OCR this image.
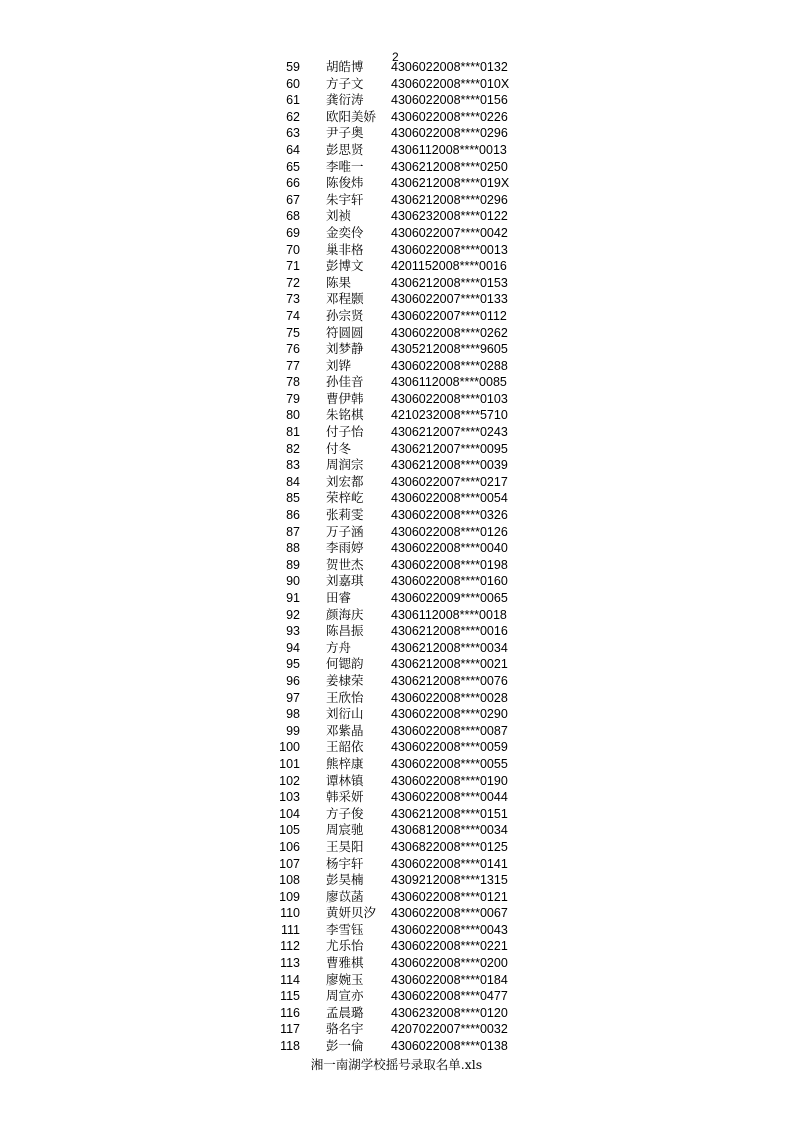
2
59 胡皓博	4306022008****0132
60 方子文	4306022008****010X
61 龚衍涛	4306022008****0156
62 欧阳美娇	4306022008****0226
63 尹子奥	4306022008****0296
64 彭思贤	4306112008****0013
65 李唯一	4306212008****0250
66 陈俊炜	4306212008****019X
67 朱宇轩	4306212008****0296
68 刘祯	4306232008****0122
69 金奕伶	4306022007****0042
70 巢非格	4306022008****0013
71 彭博文	4201152008****0016
72 陈果	4306212008****0153
73 邓程颢	4306022007****0133
74 孙宗贤	4306022007****0112
75 符圆圆	4306022008****0262
76 刘梦静	4305212008****9605
77 刘铧	4306022008****0288
78 孙佳音	4306112008****0085
79 曹伊韩	4306022008****0103
80 朱铭棋	4210232008****5710
81 付子怡	4306212007****0243
82 付冬	4306212007****0095
83 周润宗	4306212008****0039
84 刘宏都	4306022007****0217
85 荣梓屹	4306022008****0054
86 张莉雯	4306022008****0326
87 万子涵	4306022008****0126
88 李雨婷	4306022008****0040
89 贺世杰	4306022008****0198
90 刘嘉琪	4306022008****0160
91 田睿	4306022009****0065
92 颜海庆	4306112008****0018
93 陈昌振	4306212008****0016
94 方舟	4306212008****0034
95 何锶韵	4306212008****0021
96 姜棣荣	4306212008****0076
97 王欣怡	4306022008****0028
98 刘衍山	4306022008****0290
99 邓紫晶	4306022008****0087
100 王韶依	4306022008****0059
101 熊梓康	4306022008****0055
102 谭林镇	4306022008****0190
103 韩采妍	4306022008****0044
104 方子俊	4306212008****0151
105 周宸驰	4306812008****0034
106 王昊阳	4306822008****0125
107 杨宇轩	4306022008****0141
108 彭昊楠	4309212008****1315
109 廖苡菡	4306022008****0121
110 黄妍贝汐	4306022008****0067
111 李雪钰	4306022008****0043
112 尤乐怡	4306022008****0221
113 曹雅棋	4306022008****0200
114 廖婉玉	4306022008****0184
115 周宣亦	4306022008****0477
116 孟晨璐	4306232008****0120
117 骆名宇	4207022007****0032
118 彭一倫	4306022008****0138
湘一南湖学校摇号录取名单.xls
